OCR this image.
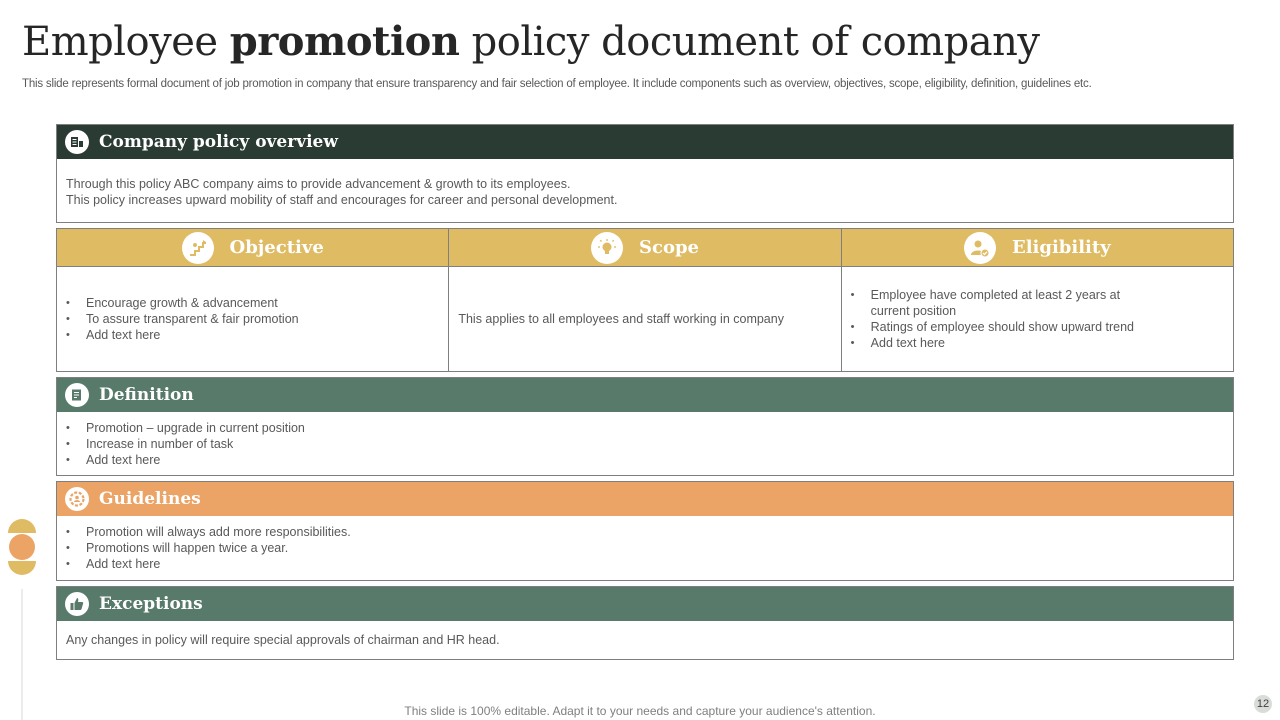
Employee promotion policy document of company
This slide represents formal document of job promotion in company that ensure transparency and fair selection of employee. It include components such as overview, objectives, scope, eligibility, definition, guidelines etc.
Company policy overview
Through this policy ABC company aims to provide advancement & growth to its employees.
This policy increases upward mobility of staff and encourages for career and personal development.
Objective
• Encourage growth & advancement
• To assure transparent & fair promotion
• Add text here
Scope
This applies to all employees and staff working in company
Eligibility
• Employee have completed at least 2 years at current position
• Ratings of employee should show upward trend
• Add text here
Definition
• Promotion – upgrade in current position
• Increase in number of task
• Add text here
Guidelines
• Promotion will always add more responsibilities.
• Promotions will happen twice a year.
• Add text here
Exceptions
Any changes in policy will require special approvals of chairman and HR head.
This slide is 100% editable. Adapt it to your needs and capture your audience's attention.	12
